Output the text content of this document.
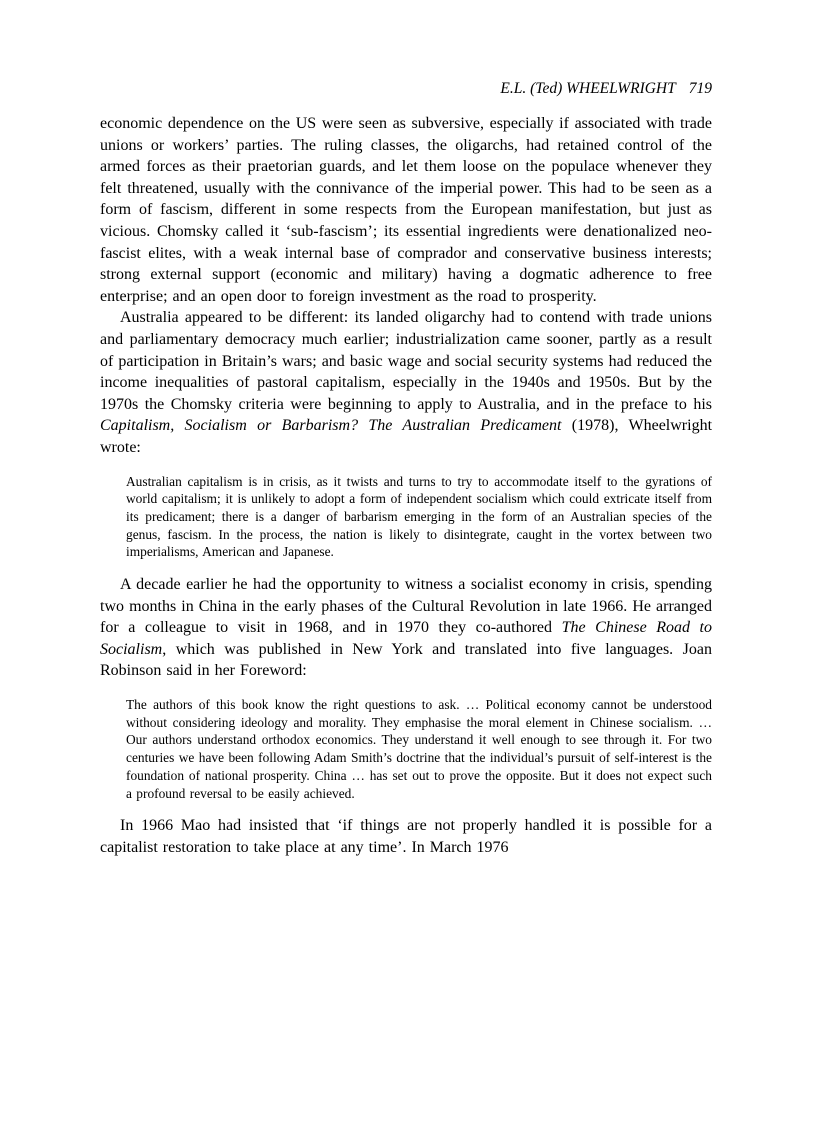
E.L. (Ted) WHEELWRIGHT 719

economic dependence on the US were seen as subversive, especially if associated with trade unions or workers’ parties. The ruling classes, the oligarchs, had retained control of the armed forces as their praetorian guards, and let them loose on the populace whenever they felt threatened, usually with the connivance of the imperial power. This had to be seen as a form of fascism, different in some respects from the European manifestation, but just as vicious. Chomsky called it ‘sub-fascism’; its essential ingredients were denationalized neo-fascist elites, with a weak internal base of comprador and conservative business interests; strong external support (economic and military) having a dogmatic adherence to free enterprise; and an open door to foreign investment as the road to prosperity.

Australia appeared to be different: its landed oligarchy had to contend with trade unions and parliamentary democracy much earlier; industrialization came sooner, partly as a result of participation in Britain’s wars; and basic wage and social security systems had reduced the income inequalities of pastoral capitalism, especially in the 1940s and 1950s. But by the 1970s the Chomsky criteria were beginning to apply to Australia, and in the preface to his Capitalism, Socialism or Barbarism? The Australian Predicament (1978), Wheelwright wrote:

Australian capitalism is in crisis, as it twists and turns to try to accommodate itself to the gyrations of world capitalism; it is unlikely to adopt a form of independent socialism which could extricate itself from its predicament; there is a danger of barbarism emerging in the form of an Australian species of the genus, fascism. In the process, the nation is likely to disintegrate, caught in the vortex between two imperialisms, American and Japanese.

A decade earlier he had the opportunity to witness a socialist economy in crisis, spending two months in China in the early phases of the Cultural Revolution in late 1966. He arranged for a colleague to visit in 1968, and in 1970 they co-authored The Chinese Road to Socialism, which was published in New York and translated into five languages. Joan Robinson said in her Foreword:

The authors of this book know the right questions to ask. … Political economy cannot be understood without considering ideology and morality. They emphasise the moral element in Chinese socialism. … Our authors understand orthodox economics. They understand it well enough to see through it. For two centuries we have been following Adam Smith’s doctrine that the individual’s pursuit of self-interest is the foundation of national prosperity. China … has set out to prove the opposite. But it does not expect such a profound reversal to be easily achieved.

In 1966 Mao had insisted that ‘if things are not properly handled it is possible for a capitalist restoration to take place at any time’. In March 1976
